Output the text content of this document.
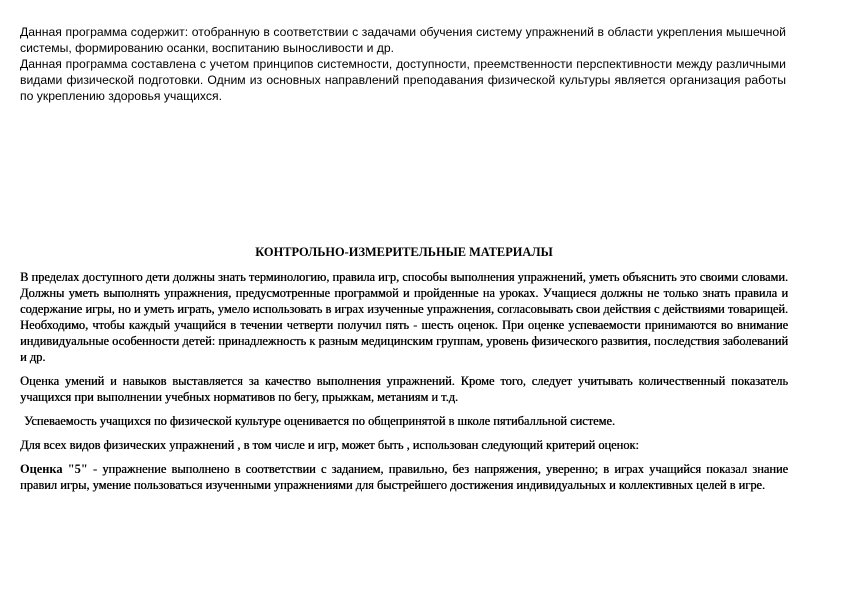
Данная программа содержит: отобранную в соответствии с задачами обучения систему упражнений в области укрепления мышечной системы, формированию осанки, воспитанию выносливости и др.

Данная программа составлена с учетом принципов системности, доступности, преемственности перспективности между различными видами физической подготовки. Одним из основных направлений преподавания физической культуры является организация работы по укреплению здоровья учащихся.

КОНТРОЛЬНО-ИЗМЕРИТЕЛЬНЫЕ МАТЕРИАЛЫ

В пределах доступного дети должны знать терминологию, правила игр, способы выполнения упражнений, уметь объяснить это своими словами. Должны уметь выполнять упражнения, предусмотренные программой и пройденные на уроках. Учащиеся должны не только знать правила и содержание игры, но и уметь играть, умело использовать в играх изученные упражнения, согласовывать свои действия с действиями товарищей. Необходимо, чтобы каждый учащийся в течении четверти получил пять - шесть оценок. При оценке успеваемости принимаются во внимание индивидуальные особенности детей: принадлежность к разным медицинским группам, уровень физического развития, последствия заболеваний и др.

Оценка умений и навыков выставляется за качество выполнения упражнений. Кроме того, следует учитывать количественный показатель учащихся при выполнении учебных нормативов по бегу, прыжкам, метаниям и т.д.

Успеваемость учащихся по физической культуре оценивается по общепринятой в школе пятибалльной системе.

Для всех видов физических упражнений , в том числе и игр, может быть , использован следующий критерий оценок:

Оценка "5" - упражнение выполнено в соответствии с заданием, правильно, без напряжения, уверенно; в играх учащийся показал знание правил игры, умение пользоваться изученными упражнениями для быстрейшего достижения индивидуальных и коллективных целей в игре.
